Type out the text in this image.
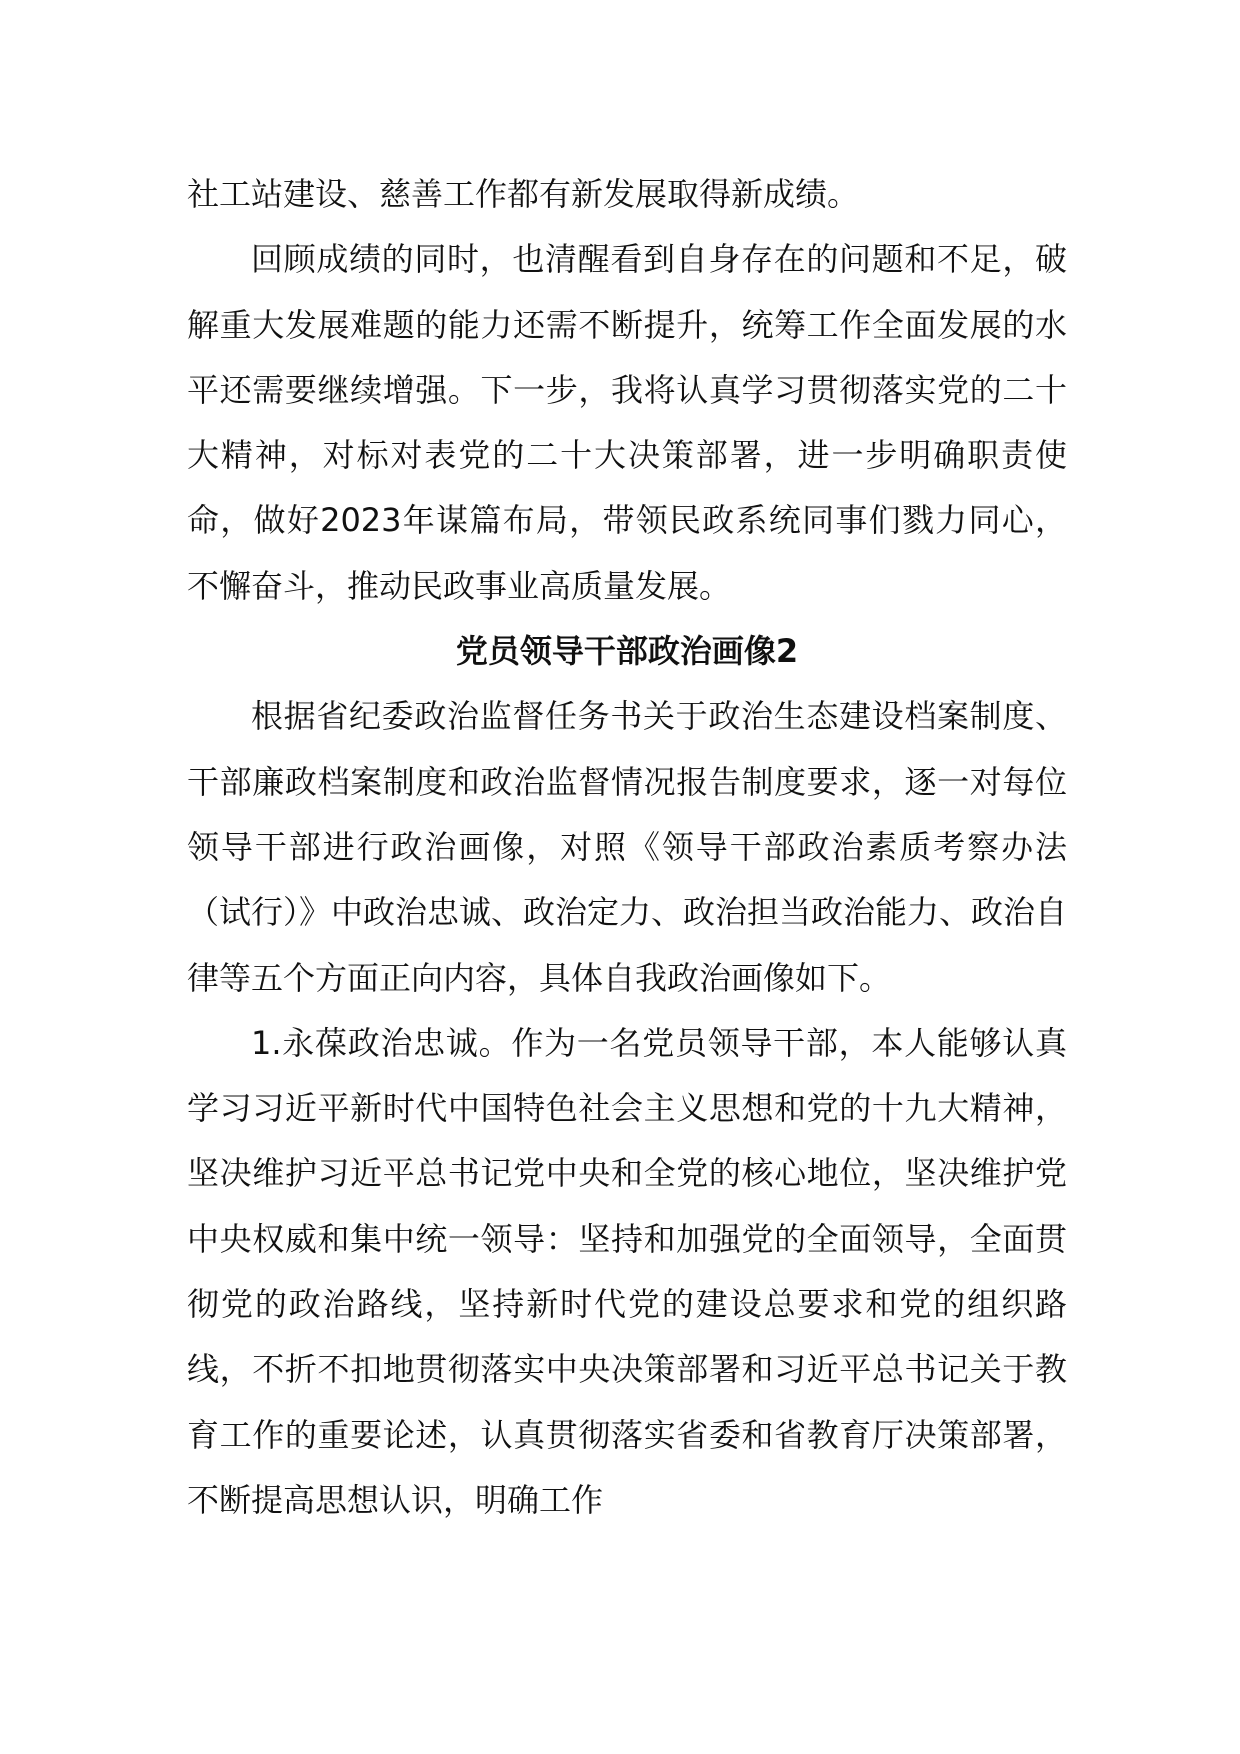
社工站建设、慈善工作都有新发展取得新成绩。

回顾成绩的同时，也清醒看到自身存在的问题和不足，破解重大发展难题的能力还需不断提升，统筹工作全面发展的水平还需要继续增强。下一步，我将认真学习贯彻落实党的二十大精神，对标对表党的二十大决策部署，进一步明确职责使命，做好2023年谋篇布局，带领民政系统同事们戮力同心，不懈奋斗，推动民政事业高质量发展。

党员领导干部政治画像2

根据省纪委政治监督任务书关于政治生态建设档案制度、干部廉政档案制度和政治监督情况报告制度要求，逐一对每位领导干部进行政治画像，对照《领导干部政治素质考察办法（试行）》中政治忠诚、政治定力、政治担当政治能力、政治自律等五个方面正向内容，具体自我政治画像如下。

1.永葆政治忠诚。作为一名党员领导干部，本人能够认真学习习近平新时代中国特色社会主义思想和党的十九大精神，坚决维护习近平总书记党中央和全党的核心地位，坚决维护党中央权威和集中统一领导：坚持和加强党的全面领导，全面贯彻党的政治路线，坚持新时代党的建设总要求和党的组织路线，不折不扣地贯彻落实中央决策部署和习近平总书记关于教育工作的重要论述，认真贯彻落实省委和省教育厅决策部署，不断提高思想认识，明确工作
